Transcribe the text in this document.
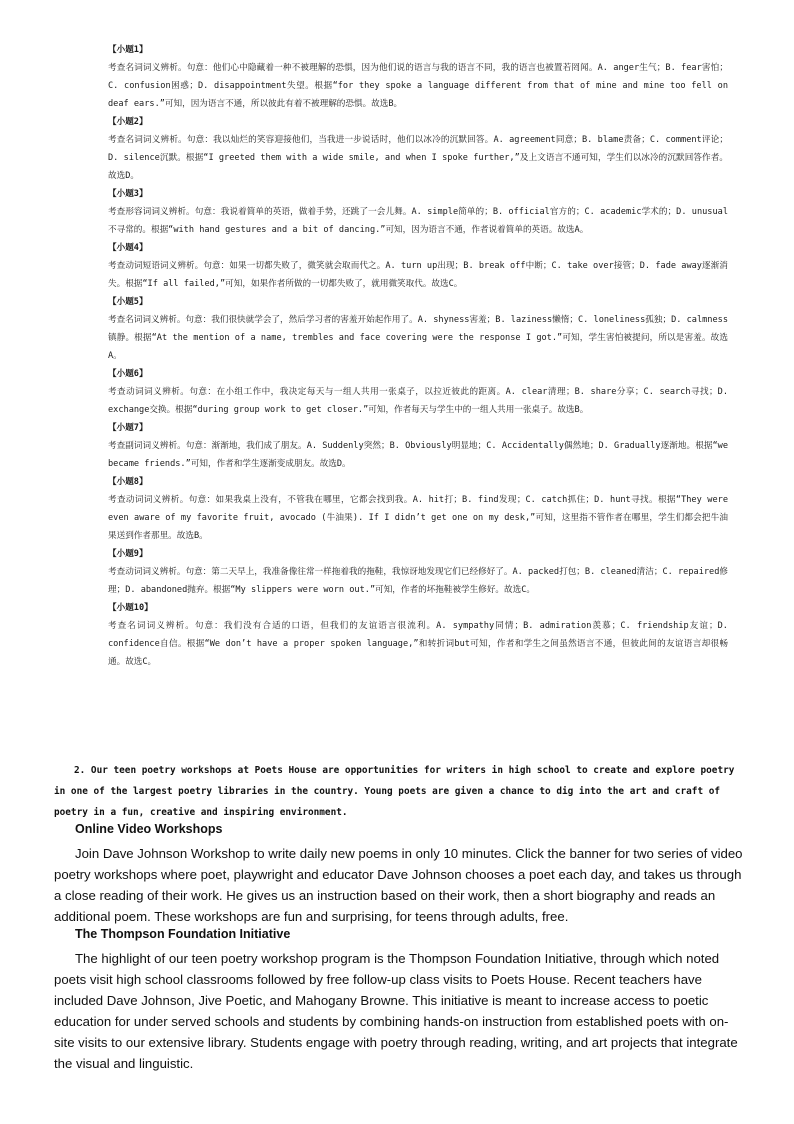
【小题1】

考查名词词义辨析。句意：他们心中隐藏着一种不被理解的恐惧，因为他们说的语言与我的语言不同，我的语言也被置若罔闻。A. anger生气；B. fear害怕；C. confusion困惑；D. disappointment失望。根据“for they spoke a language different from that of mine and mine too fell on deaf ears.”可知，因为语言不通，所以彼此有着不被理解的恐惧。故选B。

【小题2】

考查名词词义辨析。句意：我以灿烂的笑容迎接他们，当我进一步说话时，他们以冰冷的沉默回答。A. agreement同意；B. blame责备；C. comment评论；D. silence沉默。根据“I greeted them with a wide smile, and when I spoke further,”及上文语言不通可知，学生们以冰冷的沉默回答作者。故选D。

【小题3】

考查形容词词义辨析。句意：我说着简单的英语，做着手势，还跳了一会儿舞。A. simple简单的；B. official官方的；C. academic学术的；D. unusual不寻常的。根据“with hand gestures and a bit of dancing.”可知，因为语言不通，作者说着简单的英语。故选A。

【小题4】

考查动词短语词义辨析。句意：如果一切都失败了，微笑就会取而代之。A. turn up出现；B. break off中断；C. take over接管；D. fade away逐渐消失。根据“If all failed,”可知，如果作者所做的一切都失败了，就用微笑取代。故选C。

【小题5】

考查名词词义辨析。句意：我们很快就学会了，然后学习者的害羞开始起作用了。A. shyness害羞；B. laziness懒惰；C. loneliness孤独；D. calmness镇静。根据“At the mention of a name, trembles and face covering were the response I got.”可知，学生害怕被提问，所以是害羞。故选A。

【小题6】

考查动词词义辨析。句意：在小组工作中，我决定每天与一组人共用一张桌子，以拉近彼此的距离。A. clear清理；B. share分享；C. search寻找；D. exchange交换。根据“during group work to get closer.”可知，作者每天与学生中的一组人共用一张桌子。故选B。

【小题7】

考查副词词义辨析。句意：渐渐地，我们成了朋友。A. Suddenly突然；B. Obviously明显地；C. Accidentally偶然地；D. Gradually逐渐地。根据“we became friends.”可知，作者和学生逐渐变成朋友。故选D。

【小题8】

考查动词词义辨析。句意：如果我桌上没有，不管我在哪里，它都会找到我。A. hit打；B. find发现；C. catch抓住；D. hunt寻找。根据“They were even aware of my favorite fruit, avocado (牛油果). If I didn’t get one on my desk,”可知，这里指不管作者在哪里，学生们都会把牛油果送到作者那里。故选B。

【小题9】

考查动词词义辨析。句意：第二天早上，我准备像往常一样拖着我的拖鞋，我惊讶地发现它们已经修好了。A. packed打包；B. cleaned清洁；C. repaired修理；D. abandoned抛弃。根据“My slippers were worn out.”可知，作者的坏拖鞋被学生修好。故选C。

【小题10】

考查名词词义辨析。句意：我们没有合适的口语，但我们的友谊语言很流利。A. sympathy同情；B. admiration羡慕；C. friendship友谊；D. confidence自信。根据“We don’t have a proper spoken language,”和转折词but可知，作者和学生之间虽然语言不通，但彼此间的友谊语言却很畅通。故选C。

2. Our teen poetry workshops at Poets House are opportunities for writers in high school to create and explore poetry in one of the largest poetry libraries in the country. Young poets are given a chance to dig into the art and craft of poetry in a fun, creative and inspiring environment.

Online Video Workshops

Join Dave Johnson Workshop to write daily new poems in only 10 minutes. Click the banner for two series of video poetry workshops where poet, playwright and educator Dave Johnson chooses a poet each day, and takes us through a close reading of their work. He gives us an instruction based on their work, then a short biography and reads an additional poem. These workshops are fun and surprising, for teens through adults, free.

The Thompson Foundation Initiative

The highlight of our teen poetry workshop program is the Thompson Foundation Initiative, through which noted poets visit high school classrooms followed by free follow-up class visits to Poets House. Recent teachers have included Dave Johnson, Jive Poetic, and Mahogany Browne. This initiative is meant to increase access to poetic education for under served schools and students by combining hands-on instruction from established poets with on-site visits to our extensive library. Students engage with poetry through reading, writing, and art projects that integrate the visual and linguistic.
